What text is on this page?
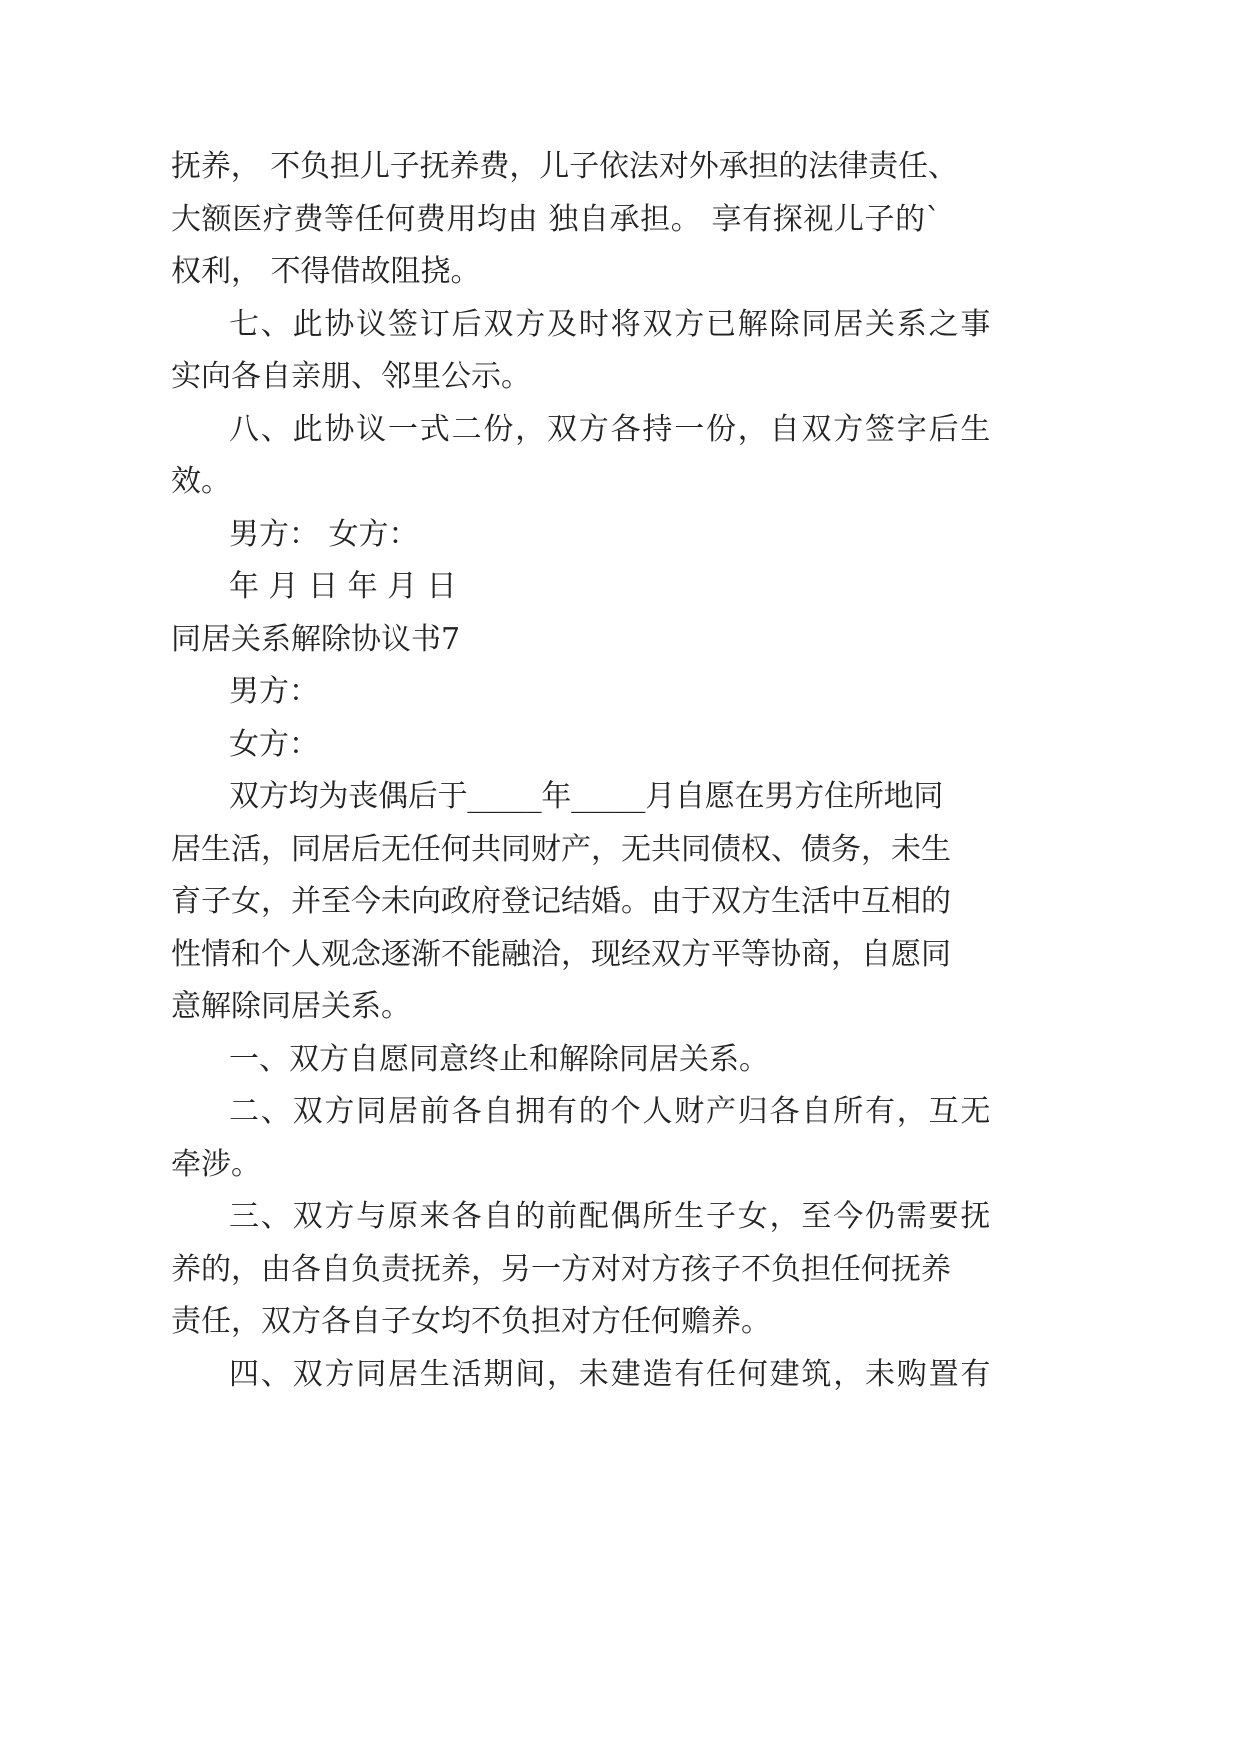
抚养， 不负担儿子抚养费，儿子依法对外承担的法律责任、
大额医疗费等任何费用均由 独自承担。 享有探视儿子的`
权利， 不得借故阻挠。
七、此协议签订后双方及时将双方已解除同居关系之事
实向各自亲朋、邻里公示。
八、此协议一式二份，双方各持一份，自双方签字后生
效。
男方： 女方：
年 月 日 年 月 日
同居关系解除协议书7
男方：
女方：
双方均为丧偶后于_____年_____月自愿在男方住所地同
居生活，同居后无任何共同财产，无共同债权、债务，未生
育子女，并至今未向政府登记结婚。由于双方生活中互相的
性情和个人观念逐渐不能融洽，现经双方平等协商，自愿同
意解除同居关系。
一、双方自愿同意终止和解除同居关系。
二、双方同居前各自拥有的个人财产归各自所有，互无
牵涉。
三、双方与原来各自的前配偶所生子女，至今仍需要抚
养的，由各自负责抚养，另一方对对方孩子不负担任何抚养
责任，双方各自子女均不负担对方任何赡养。
四、双方同居生活期间，未建造有任何建筑，未购置有
